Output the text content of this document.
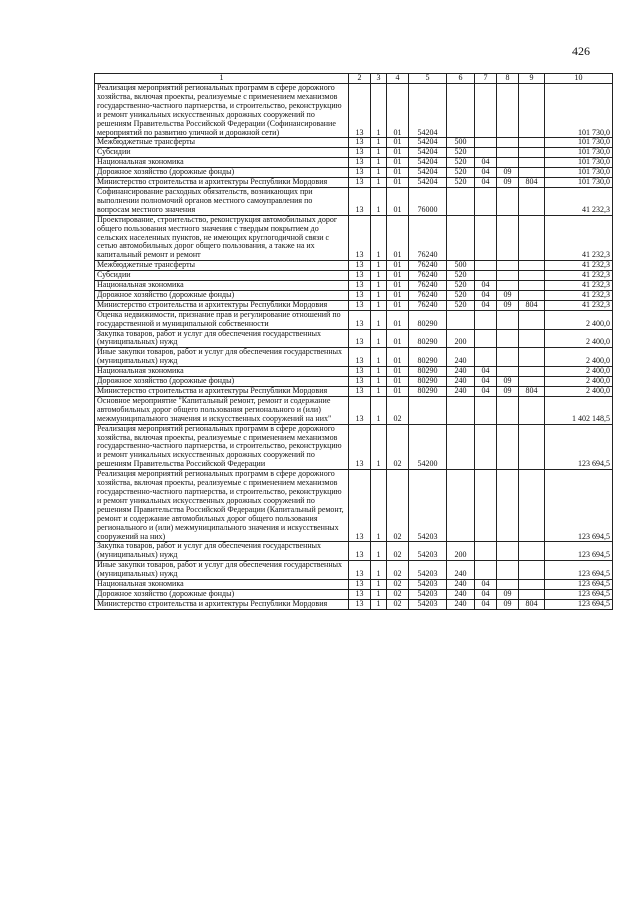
426
1	2	3	4	5	6	7	8	9	10
Реализация мероприятий региональных программ в сфере дорожного хозяйства, включая проекты, реализуемые с применением механизмов государственно-частного партнерства, и строительство, реконструкцию и ремонт уникальных искусственных дорожных сооружений по решениям Правительства Российской Федерации (Софинансирование мероприятий по развитию уличной и дорожной сети)	13	1	01	54204					101 730,0
Межбюджетные трансферты	13	1	01	54204	500				101 730,0
Субсидии	13	1	01	54204	520				101 730,0
Национальная экономика	13	1	01	54204	520	04			101 730,0
Дорожное хозяйство (дорожные фонды)	13	1	01	54204	520	04	09		101 730,0
Министерство строительства и архитектуры Республики Мордовия	13	1	01	54204	520	04	09	804	101 730,0
Софинансирование расходных обязательств, возникающих при выполнении полномочий органов местного самоуправления по вопросам местного значения	13	1	01	76000					41 232,3
Проектирование, строительство, реконструкция автомобильных дорог общего пользования местного значения с твердым покрытием до сельских населенных пунктов, не имеющих круглогодичной связи с сетью автомобильных дорог общего пользования, а также на их капитальный ремонт и ремонт	13	1	01	76240					41 232,3
Межбюджетные трансферты	13	1	01	76240	500				41 232,3
Субсидии	13	1	01	76240	520				41 232,3
Национальная экономика	13	1	01	76240	520	04			41 232,3
Дорожное хозяйство (дорожные фонды)	13	1	01	76240	520	04	09		41 232,3
Министерство строительства и архитектуры Республики Мордовия	13	1	01	76240	520	04	09	804	41 232,3
Оценка недвижимости, признание прав и регулирование отношений по государственной и муниципальной собственности	13	1	01	80290					2 400,0
Закупка товаров, работ и услуг для обеспечения государственных (муниципальных) нужд	13	1	01	80290	200				2 400,0
Иные закупки товаров, работ и услуг для обеспечения государственных (муниципальных) нужд	13	1	01	80290	240				2 400,0
Национальная экономика	13	1	01	80290	240	04			2 400,0
Дорожное хозяйство (дорожные фонды)	13	1	01	80290	240	04	09		2 400,0
Министерство строительства и архитектуры Республики Мордовия	13	1	01	80290	240	04	09	804	2 400,0
Основное мероприятие "Капитальный ремонт, ремонт и содержание автомобильных дорог общего пользования регионального и (или) межмуниципального значения и искусственных сооружений на них"	13	1	02						1 402 148,5
Реализация мероприятий региональных программ в сфере дорожного хозяйства, включая проекты, реализуемые с применением механизмов государственно-частного партнерства, и строительство, реконструкцию и ремонт уникальных искусственных дорожных сооружений по решениям Правительства Российской Федерации	13	1	02	54200					123 694,5
Реализация мероприятий региональных программ в сфере дорожного хозяйства, включая проекты, реализуемые с применением механизмов государственно-частного партнерства, и строительство, реконструкцию и ремонт уникальных искусственных дорожных сооружений по решениям Правительства Российской Федерации (Капитальный ремонт, ремонт и содержание автомобильных дорог общего пользования регионального и (или) межмуниципального значения и искусственных сооружений на них)	13	1	02	54203					123 694,5
Закупка товаров, работ и услуг для обеспечения государственных (муниципальных) нужд	13	1	02	54203	200				123 694,5
Иные закупки товаров, работ и услуг для обеспечения государственных (муниципальных) нужд	13	1	02	54203	240				123 694,5
Национальная экономика	13	1	02	54203	240	04			123 694,5
Дорожное хозяйство (дорожные фонды)	13	1	02	54203	240	04	09		123 694,5
Министерство строительства и архитектуры Республики Мордовия	13	1	02	54203	240	04	09	804	123 694,5
